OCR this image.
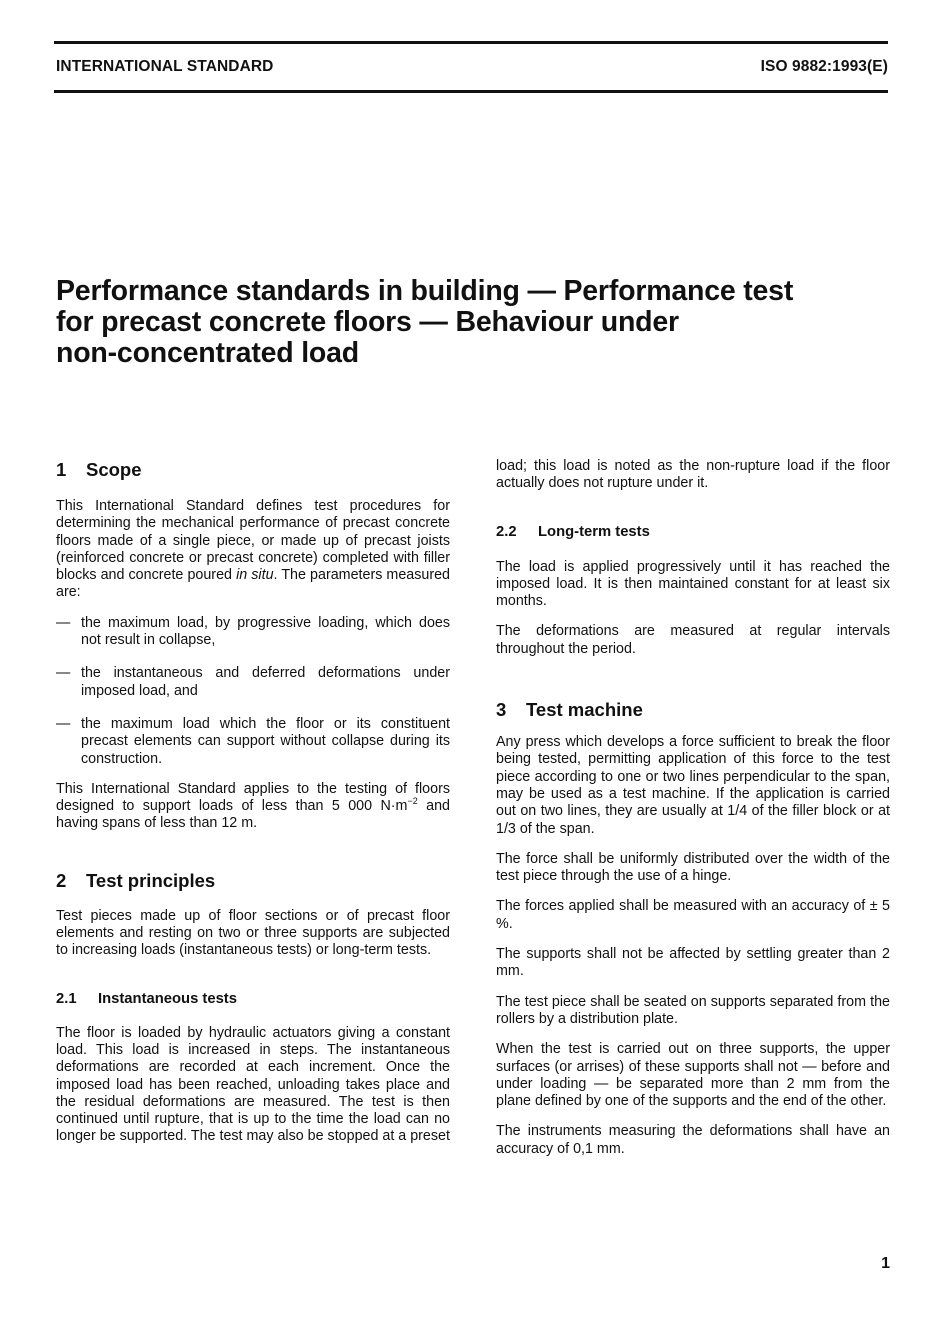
INTERNATIONAL STANDARD	ISO 9882:1993(E)
Performance standards in building — Performance test
for precast concrete floors — Behaviour under
non-concentrated load
1 Scope

This International Standard defines test procedures for determining the mechanical performance of precast concrete floors made of a single piece, or made up of precast joists (reinforced concrete or precast concrete) completed with filler blocks and concrete poured in situ. The parameters measured are:

— the maximum load, by progressive loading, which does not result in collapse,
— the instantaneous and deferred deformations under imposed load, and
— the maximum load which the floor or its constituent precast elements can support without collapse during its construction.

This International Standard applies to the testing of floors designed to support loads of less than 5 000 $N\cdot m^{-2}$ and having spans of less than 12 m.

2 Test principles

Test pieces made up of floor sections or of precast floor elements and resting on two or three supports are subjected to increasing loads (instantaneous tests) or long-term tests.

2.1 Instantaneous tests

The floor is loaded by hydraulic actuators giving a constant load. This load is increased in steps. The instantaneous deformations are recorded at each increment. Once the imposed load has been reached, unloading takes place and the residual deformations are measured. The test is then continued until rupture, that is up to the time the load can no longer be supported. The test may also be stopped at a preset

load; this load is noted as the non-rupture load if the floor actually does not rupture under it.

2.2 Long-term tests

The load is applied progressively until it has reached the imposed load. It is then maintained constant for at least six months.

The deformations are measured at regular intervals throughout the period.

3 Test machine

Any press which develops a force sufficient to break the floor being tested, permitting application of this force to the test piece according to one or two lines perpendicular to the span, may be used as a test machine. If the application is carried out on two lines, they are usually at 1/4 of the filler block or at 1/3 of the span.

The force shall be uniformly distributed over the width of the test piece through the use of a hinge.

The forces applied shall be measured with an accuracy of ± 5 %.

The supports shall not be affected by settling greater than 2 mm.

The test piece shall be seated on supports separated from the rollers by a distribution plate.

When the test is carried out on three supports, the upper surfaces (or arrises) of these supports shall not — before and under loading — be separated more than 2 mm from the plane defined by one of the supports and the end of the other.

The instruments measuring the deformations shall have an accuracy of 0,1 mm.

1
